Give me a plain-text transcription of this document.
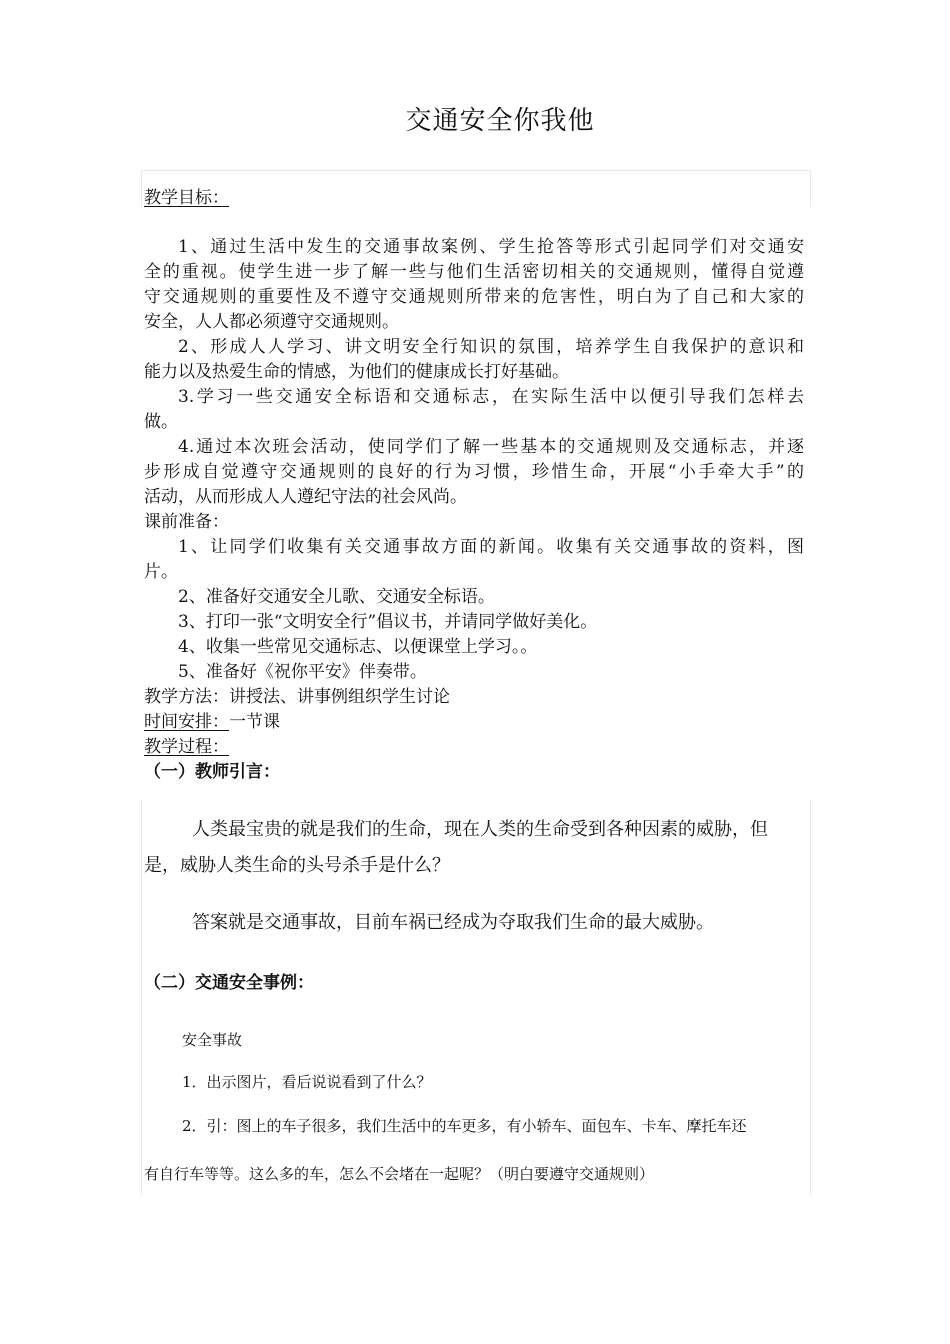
交通安全你我他
教学目标：
1、通过生活中发生的交通事故案例、学生抢答等形式引起同学们对交通安
全的重视。使学生进一步了解一些与他们生活密切相关的交通规则，懂得自觉遵
守交通规则的重要性及不遵守交通规则所带来的危害性，明白为了自己和大家的
安全，人人都必须遵守交通规则。
2、形成人人学习、讲文明安全行知识的氛围，培养学生自我保护的意识和
能力以及热爱生命的情感，为他们的健康成长打好基础。
3.学习一些交通安全标语和交通标志，在实际生活中以便引导我们怎样去
做。
4.通过本次班会活动，使同学们了解一些基本的交通规则及交通标志，并逐
步形成自觉遵守交通规则的良好的行为习惯，珍惜生命，开展“小手牵大手”的
活动，从而形成人人遵纪守法的社会风尚。
课前准备：
1、让同学们收集有关交通事故方面的新闻。收集有关交通事故的资料，图
片。
2、准备好交通安全儿歌、交通安全标语。
3、打印一张“文明安全行”倡议书，并请同学做好美化。
4、收集一些常见交通标志、以便课堂上学习。。
5、准备好《祝你平安》伴奏带。
教学方法：讲授法、讲事例组织学生讨论
时间安排：一节课
教学过程：
（一）教师引言：
人类最宝贵的就是我们的生命，现在人类的生命受到各种因素的威胁，但
是，威胁人类生命的头号杀手是什么？
答案就是交通事故，目前车祸已经成为夺取我们生命的最大威胁。
（二）交通安全事例：
安全事故
1．出示图片，看后说说看到了什么？
2．引：图上的车子很多，我们生活中的车更多，有小轿车、面包车、卡车、摩托车还
有自行车等等。这么多的车，怎么不会堵在一起呢？（明白要遵守交通规则）
